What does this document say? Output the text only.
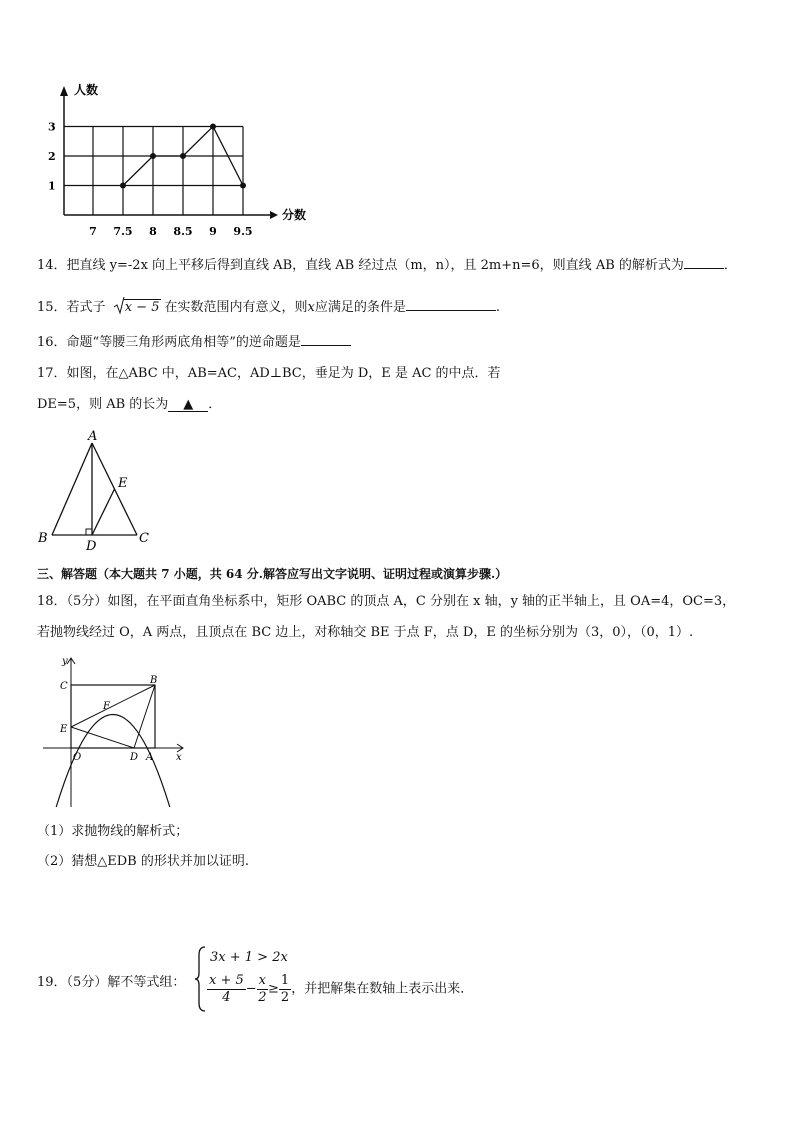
1
2
3
7 7.5 8 8.5 9 9.5
人数
分数
14．把直线 y=-2x 向上平移后得到直线 AB，直线 AB 经过点（m，n），且 2m+n=6，则直线 AB 的解析式为	．
15．若式子 x − 5 在实数范围内有意义，则x应满足的条件是	.
16．命题“等腰三角形两底角相等”的逆命题是
17．如图，在△ABC 中，AB=AC，AD⊥BC，垂足为 D，E 是 AC 的中点．若
DE=5，则 AB 的长为 ▲ ．
A
B	C
D
E
三、解答题（本大题共 7 小题，共 64 分.解答应写出文字说明、证明过程或演算步骤.）
18．（5分）如图，在平面直角坐标系中，矩形 OABC 的顶点 A，C 分别在 x 轴，y 轴的正半轴上，且 OA=4，OC=3，
若抛物线经过 O，A 两点，且顶点在 BC 边上，对称轴交 BE 于点 F，点 D，E 的坐标分别为（3，0），（0，1）.
y
x
C
B
F
E
O	D A
（1）求抛物线的解析式；
（2）猜想△EDB 的形状并加以证明.
19．（5分）解不等式组：
3x + 1 > 2x
$\frac{x + 5}{4} - \frac{x}{2} \ge \frac{1}{2}$ ，并把解集在数轴上表示出来．
